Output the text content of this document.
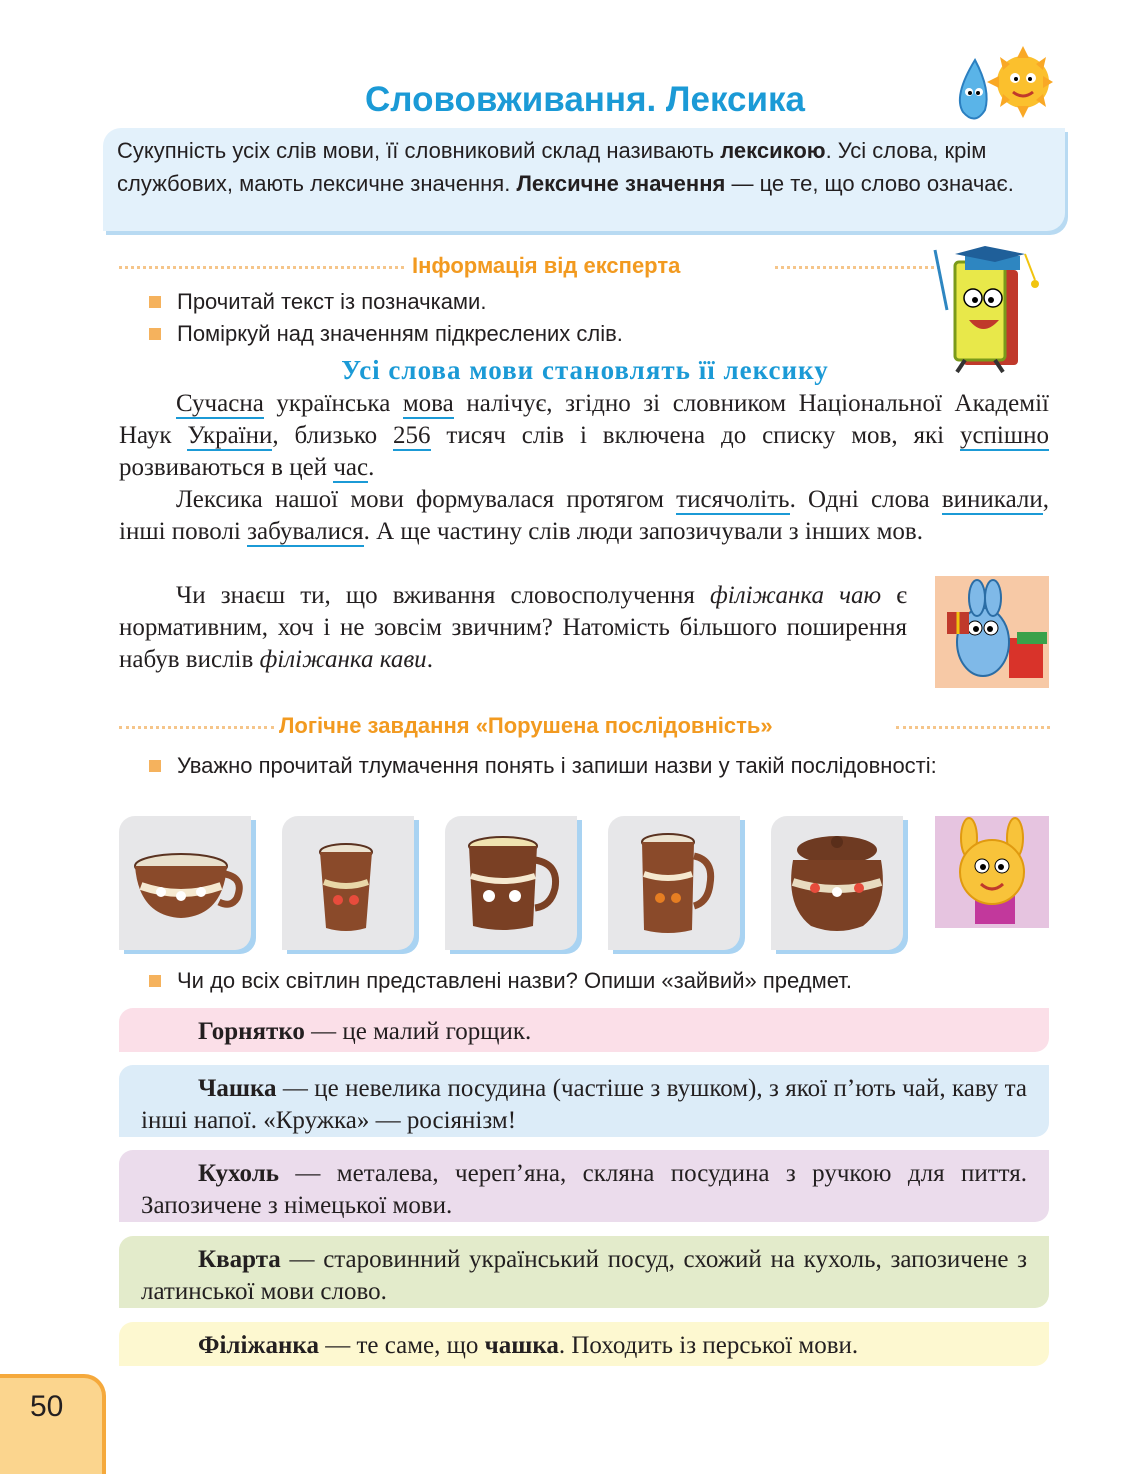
Слововживання. Лексика
Сукупність усіх слів мови, її словниковий склад називають лексикою. Усі слова, крім службових, мають лексичне значення. Лексичне значення — це те, що слово означає.
Інформація від експерта
Прочитай текст із позначками.
Поміркуй над значенням підкреслених слів.
Усі слова мови становлять її лексику

Сучасна українська мова налічує, згідно зі словником Національної Академії Наук України, близько 256 тисяч слів і включена до списку мов, які успішно розвиваються в цей час.

Лексика нашої мови формувалася протягом тисячоліть. Одні слова виникали, інші поволі забувалися. А ще частину слів люди запозичували з інших мов.

Чи знаєш ти, що вживання словосполучення філіжанка чаю є нормативним, хоч і не зовсім звичним? Натомість більшого поширення набув вислів філіжанка кави.

Логічне завдання «Порушена послідовність»
Уважно прочитай тлумачення понять і запиши назви у такій послідовності:
Чи до всіх світлин представлені назви? Опиши «зайвий» предмет.
Горнятко — це малий горщик.
Чашка — це невелика посудина (частіше з вушком), з якої п’ють чай, каву та інші напої. «Кружка» — росіянізм!
Кухоль — металева, череп’яна, скляна посудина з ручкою для пиття. Запозичене з німецької мови.
Кварта — старовинний український посуд, схожий на кухоль, запозичене з латинської мови слово.
Філіжанка — те саме, що чашка. Походить із перської мови.
50
